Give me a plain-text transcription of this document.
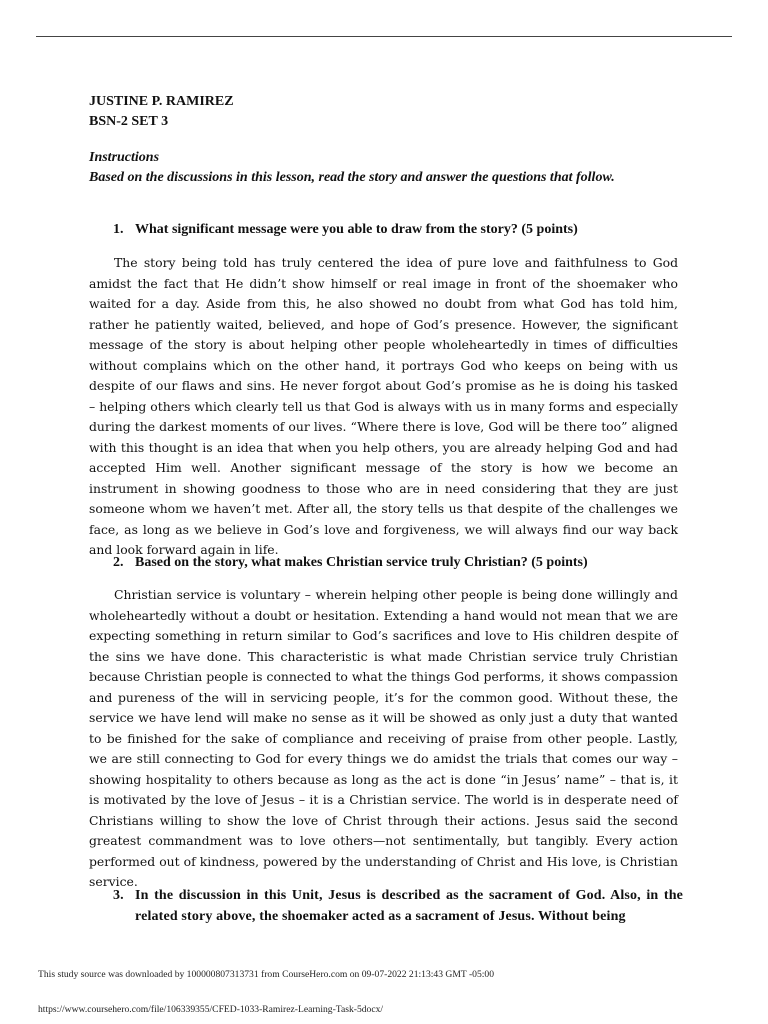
JUSTINE P. RAMIREZ
BSN-2 SET 3
Instructions
Based on the discussions in this lesson, read the story and answer the questions that follow.
1. What significant message were you able to draw from the story? (5 points)

The story being told has truly centered the idea of pure love and faithfulness to God amidst the fact that He didn’t show himself or real image in front of the shoemaker who waited for a day. Aside from this, he also showed no doubt from what God has told him, rather he patiently waited, believed, and hope of God’s presence. However, the significant message of the story is about helping other people wholeheartedly in times of difficulties without complains which on the other hand, it portrays God who keeps on being with us despite of our flaws and sins. He never forgot about God’s promise as he is doing his tasked – helping others which clearly tell us that God is always with us in many forms and especially during the darkest moments of our lives. “Where there is love, God will be there too” aligned with this thought is an idea that when you help others, you are already helping God and had accepted Him well. Another significant message of the story is how we become an instrument in showing goodness to those who are in need considering that they are just someone whom we haven’t met. After all, the story tells us that despite of the challenges we face, as long as we believe in God’s love and forgiveness, we will always find our way back and look forward again in life.

2. Based on the story, what makes Christian service truly Christian? (5 points)

Christian service is voluntary – wherein helping other people is being done willingly and wholeheartedly without a doubt or hesitation. Extending a hand would not mean that we are expecting something in return similar to God’s sacrifices and love to His children despite of the sins we have done. This characteristic is what made Christian service truly Christian because Christian people is connected to what the things God performs, it shows compassion and pureness of the will in servicing people, it’s for the common good. Without these, the service we have lend will make no sense as it will be showed as only just a duty that wanted to be finished for the sake of compliance and receiving of praise from other people. Lastly, we are still connecting to God for every things we do amidst the trials that comes our way – showing hospitality to others because as long as the act is done “in Jesus’ name” – that is, it is motivated by the love of Jesus – it is a Christian service. The world is in desperate need of Christians willing to show the love of Christ through their actions. Jesus said the second greatest commandment was to love others—not sentimentally, but tangibly. Every action performed out of kindness, powered by the understanding of Christ and His love, is Christian service.

3. In the discussion in this Unit, Jesus is described as the sacrament of God. Also, in the related story above, the shoemaker acted as a sacrament of Jesus. Without being
This study source was downloaded by 100000807313731 from CourseHero.com on 09-07-2022 21:13:43 GMT -05:00
https://www.coursehero.com/file/106339355/CFED-1033-Ramirez-Learning-Task-5docx/
